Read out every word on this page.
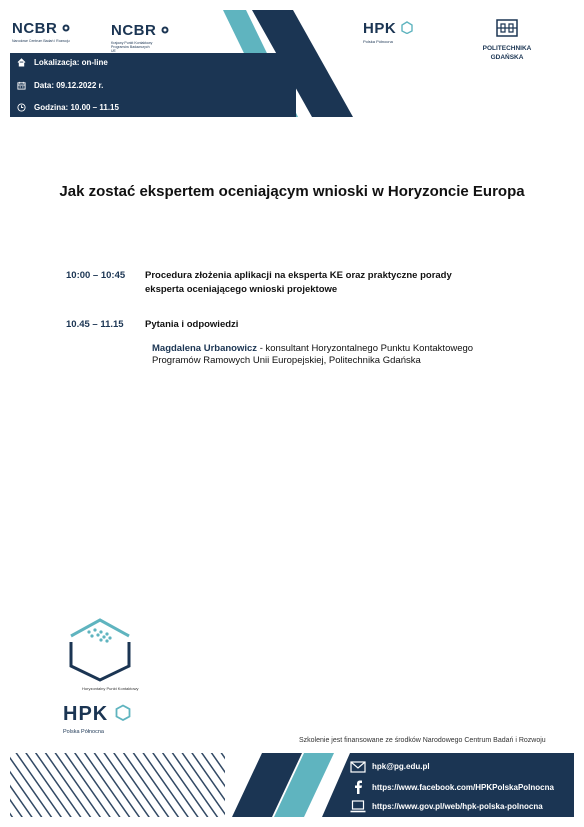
NCBR
Narodowe Centrum Badań i Rozwoju
NCBR
Krajowy Punkt Kontaktowy Programów Badawczych UE
HPK
Polska Północna
POLITECHNIKA
GDAŃSKA
Lokalizacja: on-line
Data: 09.12.2022 r.
Godzina: 10.00 – 11.15
Jak zostać ekspertem oceniającym wnioski w Horyzoncie Europa
10:00 – 10:45 Procedura złożenia aplikacji na eksperta KE oraz praktyczne porady
eksperta oceniającego wnioski projektowe
10.45 – 11.15 Pytania i odpowiedzi
Magdalena Urbanowicz - konsultant Horyzontalnego Punktu Kontaktowego
Programów Ramowych Unii Europejskiej, Politechnika Gdańska
Horyzontalny Punkt Kontaktowy
HPK
Polska Północna
Szkolenie jest finansowane ze środków Narodowego Centrum Badań i Rozwoju
hpk@pg.edu.pl
https://www.facebook.com/HPKPolskaPolnocna
https://www.gov.pl/web/hpk-polska-polnocna
